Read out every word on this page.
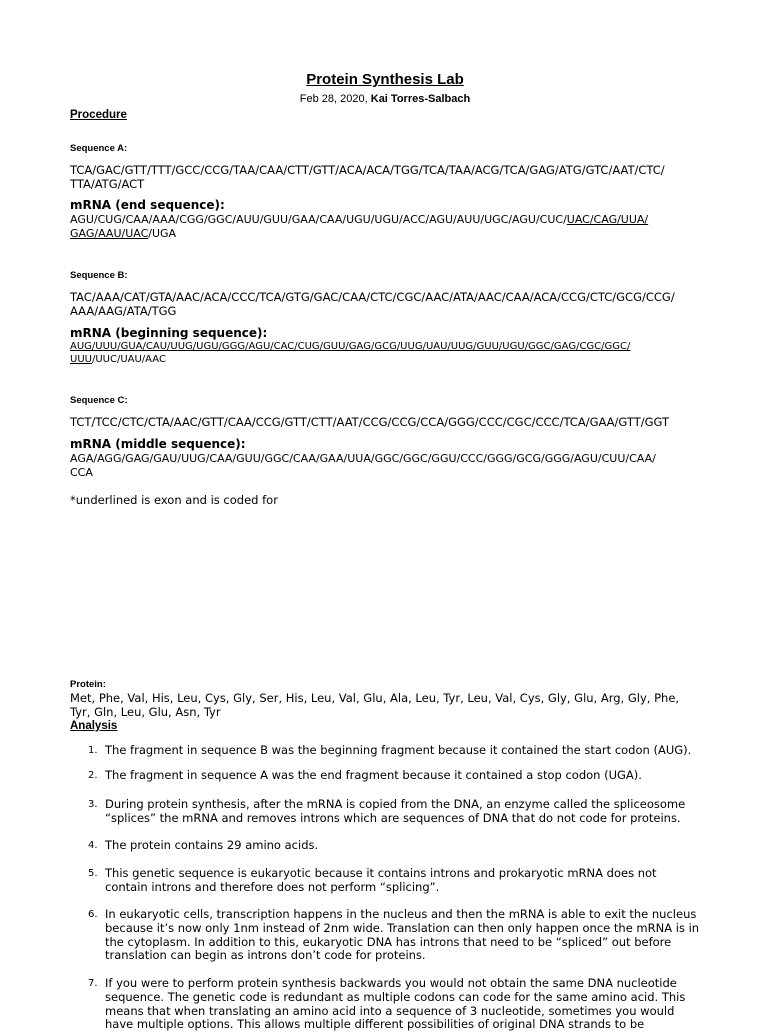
Protein Synthesis Lab
Feb 28, 2020, Kai Torres-Salbach
Procedure
Sequence A:
TCA/GAC/GTT/TTT/GCC/CCG/TAA/CAA/CTT/GTT/ACA/ACA/TGG/TCA/TAA/ACG/TCA/GAG/ATG/GTC/AAT/CTC/
TTA/ATG/ACT
mRNA (end sequence):
AGU/CUG/CAA/AAA/CGG/GGC/AUU/GUU/GAA/CAA/UGU/UGU/ACC/AGU/AUU/UGC/AGU/CUC/UAC/CAG/UUA/
GAG/AAU/UAC/UGA
Sequence B:
TAC/AAA/CAT/GTA/AAC/ACA/CCC/TCA/GTG/GAC/CAA/CTC/CGC/AAC/ATA/AAC/CAA/ACA/CCG/CTC/GCG/CCG/
AAA/AAG/ATA/TGG
mRNA (beginning sequence):
AUG/UUU/GUA/CAU/UUG/UGU/GGG/AGU/CAC/CUG/GUU/GAG/GCG/UUG/UAU/UUG/GUU/UGU/GGC/GAG/CGC/GGC/
UUU/UUC/UAU/AAC
Sequence C:
TCT/TCC/CTC/CTA/AAC/GTT/CAA/CCG/GTT/CTT/AAT/CCG/CCG/CCA/GGG/CCC/CGC/CCC/TCA/GAA/GTT/GGT
mRNA (middle sequence):
AGA/AGG/GAG/GAU/UUG/CAA/GUU/GGC/CAA/GAA/UUA/GGC/GGC/GGU/CCC/GGG/GCG/GGG/AGU/CUU/CAA/
CCA
*underlined is exon and is coded for
Protein:
Met, Phe, Val, His, Leu, Cys, Gly, Ser, His, Leu, Val, Glu, Ala, Leu, Tyr, Leu, Val, Cys, Gly, Glu, Arg, Gly, Phe,
Tyr, Gln, Leu, Glu, Asn, Tyr
Analysis
1. The fragment in sequence B was the beginning fragment because it contained the start codon (AUG).
2. The fragment in sequence A was the end fragment because it contained a stop codon (UGA).
3. During protein synthesis, after the mRNA is copied from the DNA, an enzyme called the spliceosome “splices” the mRNA and removes introns which are sequences of DNA that do not code for proteins.
4. The protein contains 29 amino acids.
5. This genetic sequence is eukaryotic because it contains introns and prokaryotic mRNA does not contain introns and therefore does not perform “splicing”.
6. In eukaryotic cells, transcription happens in the nucleus and then the mRNA is able to exit the nucleus because it’s now only 1nm instead of 2nm wide. Translation can then only happen once the mRNA is in the cytoplasm. In addition to this, eukaryotic DNA has introns that need to be “spliced” out before translation can begin as introns don’t code for proteins.
7. If you were to perform protein synthesis backwards you would not obtain the same DNA nucleotide sequence. The genetic code is redundant as multiple codons can code for the same amino acid. This means that when translating an amino acid into a sequence of 3 nucleotide, sometimes you would have multiple options. This allows multiple different possibilities of original DNA strands to be
